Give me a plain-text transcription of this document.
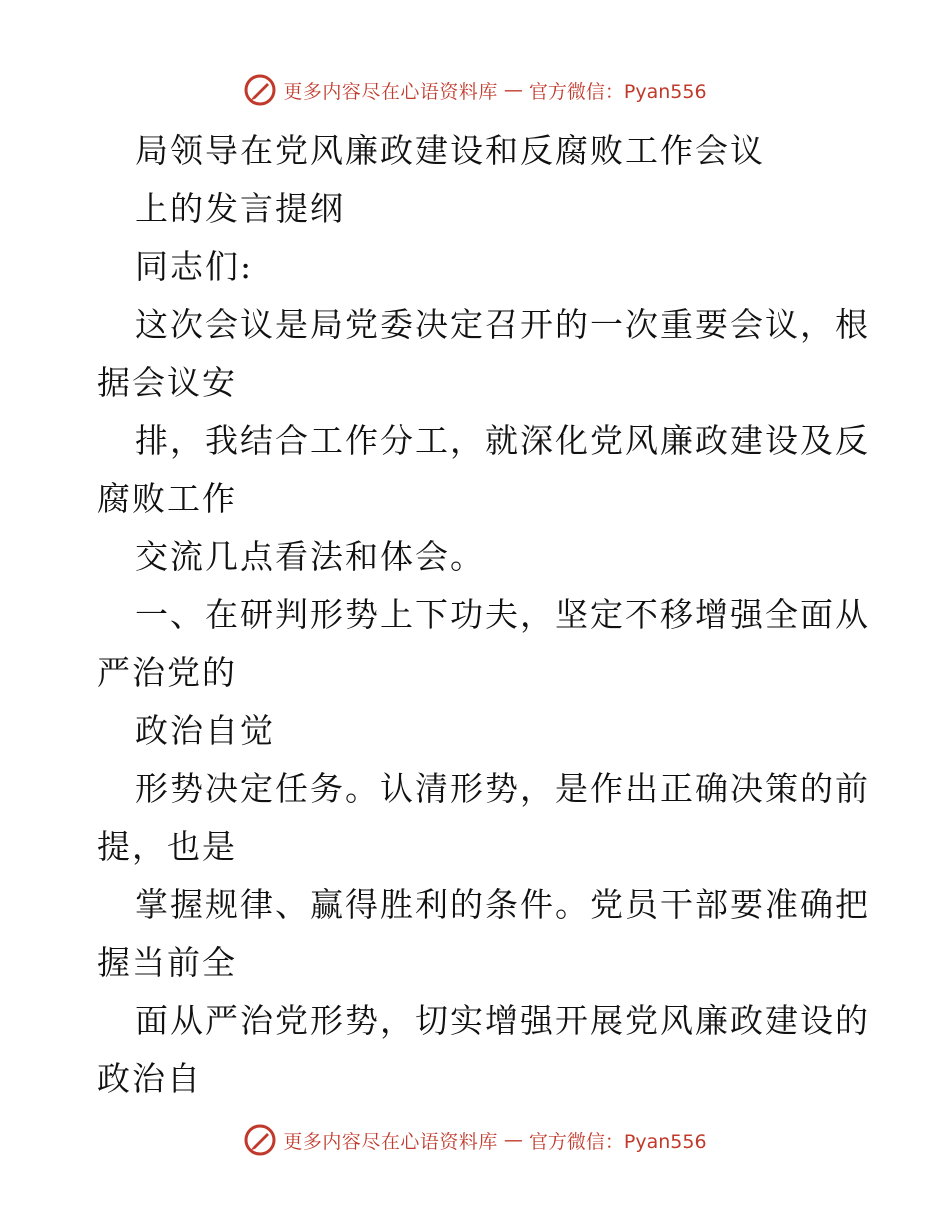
更多内容尽在心语资料库 — 官方微信：Pyan556
局领导在党风廉政建设和反腐败工作会议
上的发言提纲
同志们:
这次会议是局党委决定召开的一次重要会议，根
据会议安
排，我结合工作分工，就深化党风廉政建设及反
腐败工作
交流几点看法和体会。
一、在研判形势上下功夫，坚定不移增强全面从
严治党的
政治自觉
形势决定任务。认清形势，是作出正确决策的前
提，也是
掌握规律、赢得胜利的条件。党员干部要准确把
握当前全
面从严治党形势，切实增强开展党风廉政建设的
政治自
更多内容尽在心语资料库 — 官方微信：Pyan556
